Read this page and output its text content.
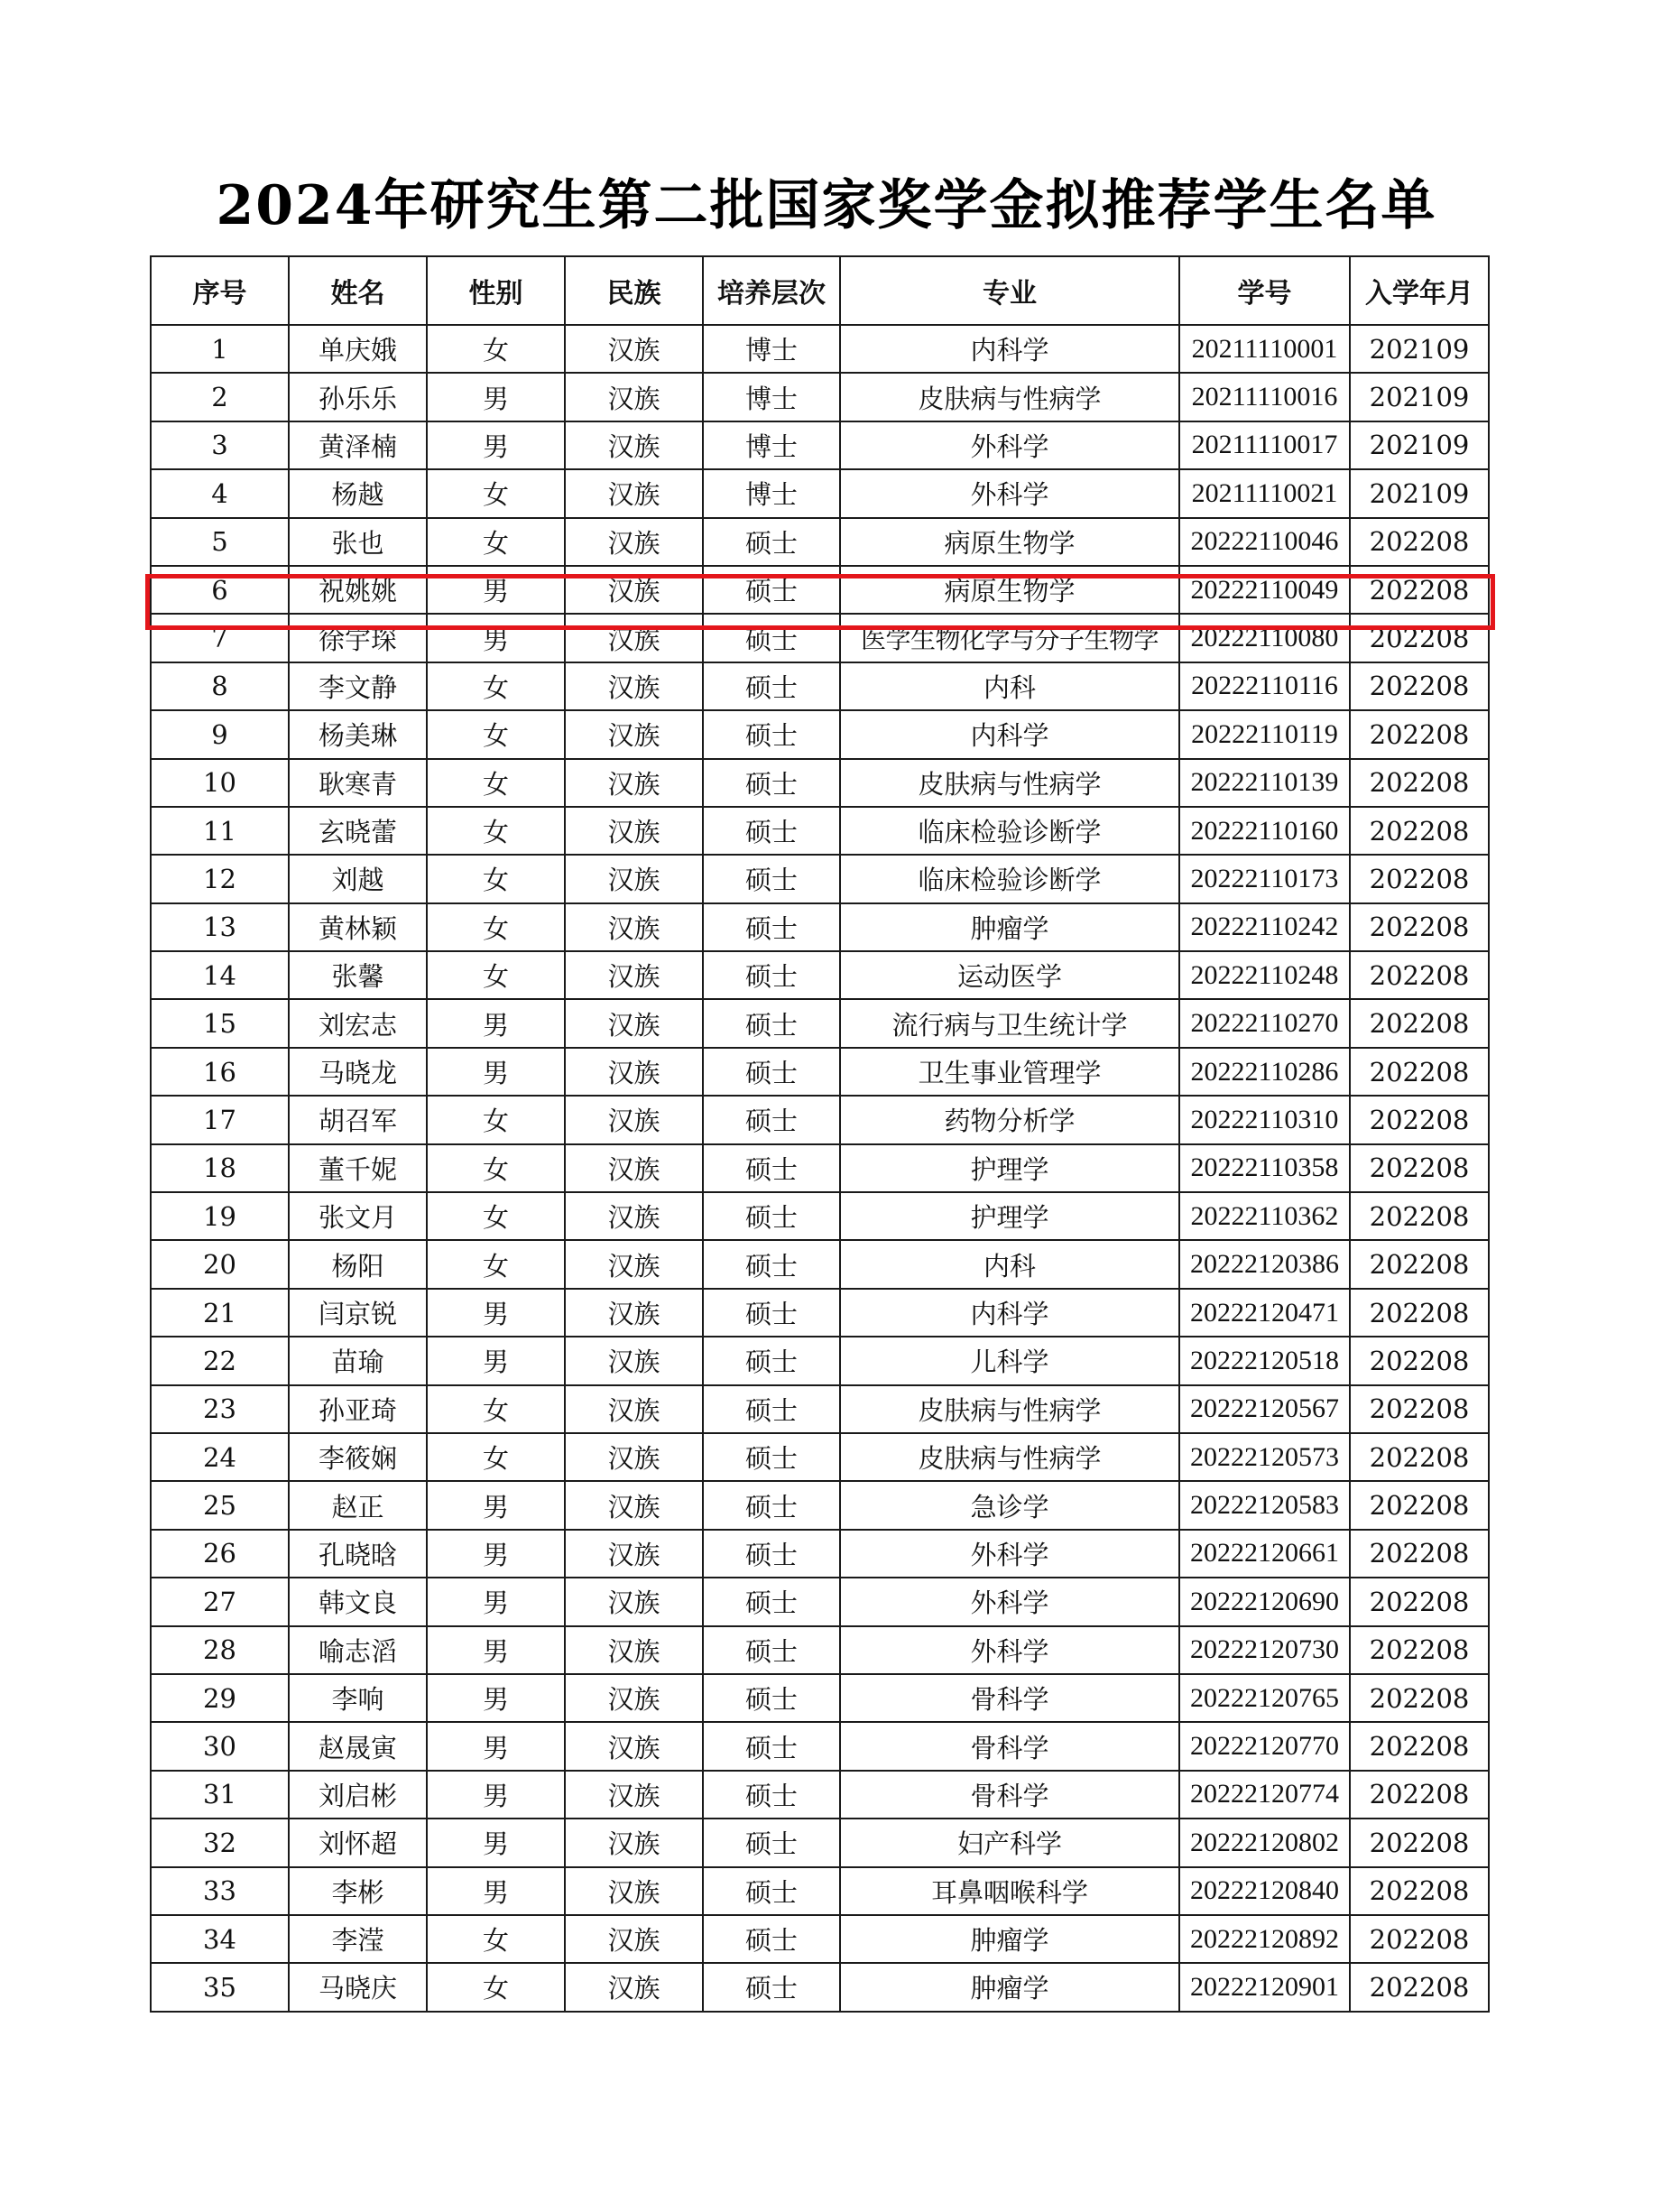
2024年研究生第二批国家奖学金拟推荐学生名单
序号	姓名	性别	民族	培养层次	专业	学号	入学年月
1	单庆娥	女	汉族	博士	内科学	20211110001	202109
2	孙乐乐	男	汉族	博士	皮肤病与性病学	20211110016	202109
3	黄泽楠	男	汉族	博士	外科学	20211110017	202109
4	杨越	女	汉族	博士	外科学	20211110021	202109
5	张也	女	汉族	硕士	病原生物学	20222110046	202208
6	祝姚姚	男	汉族	硕士	病原生物学	20222110049	202208
7	徐宇琛	男	汉族	硕士	医学生物化学与分子生物学	20222110080	202208
8	李文静	女	汉族	硕士	内科	20222110116	202208
9	杨美琳	女	汉族	硕士	内科学	20222110119	202208
10	耿寒青	女	汉族	硕士	皮肤病与性病学	20222110139	202208
11	玄晓蕾	女	汉族	硕士	临床检验诊断学	20222110160	202208
12	刘越	女	汉族	硕士	临床检验诊断学	20222110173	202208
13	黄林颖	女	汉族	硕士	肿瘤学	20222110242	202208
14	张馨	女	汉族	硕士	运动医学	20222110248	202208
15	刘宏志	男	汉族	硕士	流行病与卫生统计学	20222110270	202208
16	马晓龙	男	汉族	硕士	卫生事业管理学	20222110286	202208
17	胡召军	女	汉族	硕士	药物分析学	20222110310	202208
18	董千妮	女	汉族	硕士	护理学	20222110358	202208
19	张文月	女	汉族	硕士	护理学	20222110362	202208
20	杨阳	女	汉族	硕士	内科	20222120386	202208
21	闫京锐	男	汉族	硕士	内科学	20222120471	202208
22	苗瑜	男	汉族	硕士	儿科学	20222120518	202208
23	孙亚琦	女	汉族	硕士	皮肤病与性病学	20222120567	202208
24	李筱娴	女	汉族	硕士	皮肤病与性病学	20222120573	202208
25	赵正	男	汉族	硕士	急诊学	20222120583	202208
26	孔晓晗	男	汉族	硕士	外科学	20222120661	202208
27	韩文良	男	汉族	硕士	外科学	20222120690	202208
28	喻志滔	男	汉族	硕士	外科学	20222120730	202208
29	李响	男	汉族	硕士	骨科学	20222120765	202208
30	赵晟寅	男	汉族	硕士	骨科学	20222120770	202208
31	刘启彬	男	汉族	硕士	骨科学	20222120774	202208
32	刘怀超	男	汉族	硕士	妇产科学	20222120802	202208
33	李彬	男	汉族	硕士	耳鼻咽喉科学	20222120840	202208
34	李滢	女	汉族	硕士	肿瘤学	20222120892	202208
35	马晓庆	女	汉族	硕士	肿瘤学	20222120901	202208
